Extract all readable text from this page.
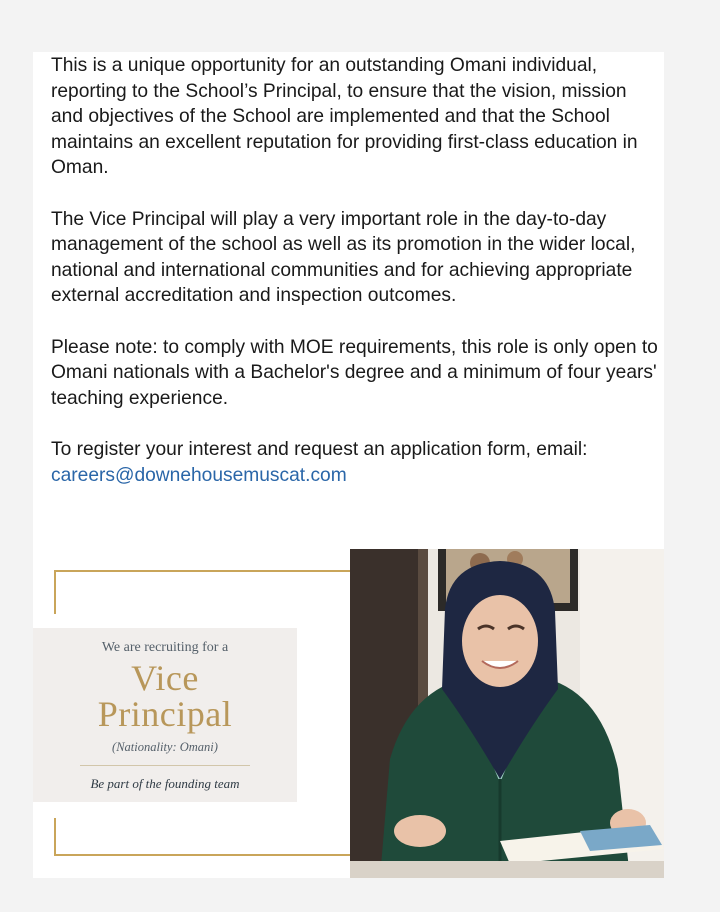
This is a unique opportunity for an outstanding Omani individual, reporting to the School’s Principal, to ensure that the vision, mission and objectives of the School are implemented and that the School maintains an excellent reputation for providing first-class education in Oman.

The Vice Principal will play a very important role in the day-to-day management of the school as well as its promotion in the wider local, national and international communities and for achieving appropriate external accreditation and inspection outcomes.

Please note: to comply with MOE requirements, this role is only open to Omani nationals with a Bachelor's degree and a minimum of four years' teaching experience.

To register your interest and request an application form, email: careers@downehousemuscat.com

We are recruiting for a
Vice
Principal
(Nationality: Omani)
Be part of the founding team
